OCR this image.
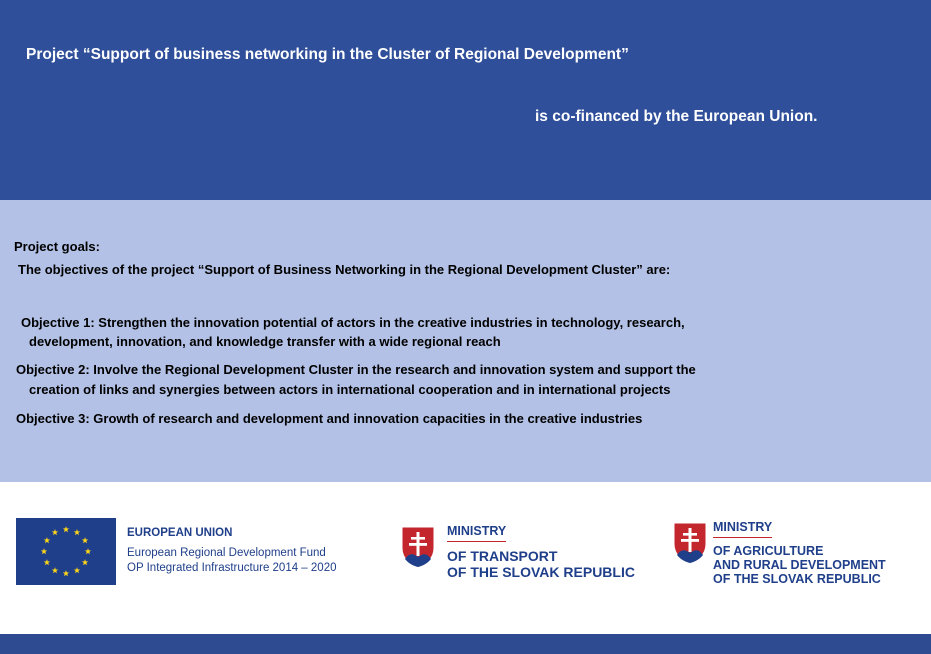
Project “Support of business networking in the Cluster of Regional Development”
is co-financed by the European Union.
Project goals:
The objectives of the project “Support of Business Networking in the Regional Development Cluster” are:
Objective 1: Strengthen the innovation potential of actors in the creative industries in technology, research,
development, innovation, and knowledge transfer with a wide regional reach
Objective 2: Involve the Regional Development Cluster in the research and innovation system and support the
creation of links and synergies between actors in international cooperation and in international projects
Objective 3: Growth of research and development and innovation capacities in the creative industries
EUROPEAN UNION
European Regional Development Fund
OP Integrated Infrastructure 2014 – 2020
MINISTRY
OF TRANSPORT
OF THE SLOVAK REPUBLIC
MINISTRY
OF AGRICULTURE
AND RURAL DEVELOPMENT
OF THE SLOVAK REPUBLIC
